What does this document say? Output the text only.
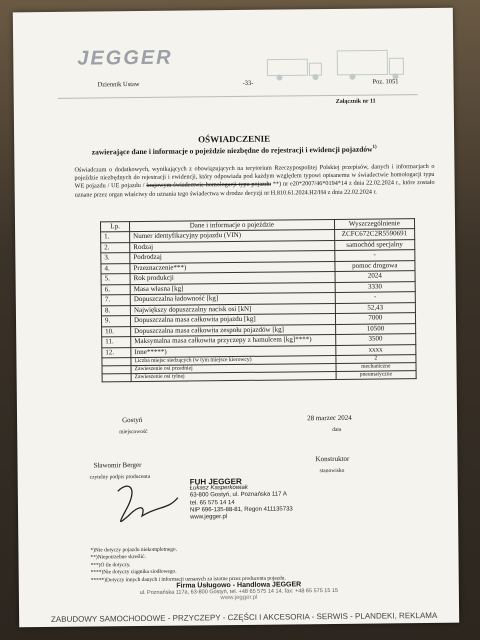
JEGGER
Dziennik Ustaw	-33-	Poz. 1051
Załącznik nr 11
OŚWIADCZENIE
zawierające dane i informacje o pojeździe niezbędne do rejestracji i ewidencji pojazdów$^{1)}$
Oświadczam o dodatkowych, wynikających z obowiązujących na terytorium Rzeczypospolitej Polskiej przepisów, danych i informacjach o pojeździe niezbędnych do rejestracji i ewidencji, który odpowiada pod każdym względem typowi opisanemu w świadectwie homologacji typu WE pojazdu / UE pojazdu / krajowym świadectwie homologacji typu pojazdu **) nr e20*2007/46*0194*14 z dnia 22.02.2024 r., które zostało uznane przez organ właściwy do uznania tego świadectwa w drodze decyzji nr H.810.61.2024.H2/H4 z dnia 22.02.2024 r.
Lp.	Dane i informacje o pojeździe	Wyszczególnienie
1.	Numer identyfikacyjny pojazdu (VIN)	ZCFC672C2R5590691
2.	Rodzaj	samochód specjalny
3.	Podrodzaj	-
4.	Przeznaczenie***)	pomoc drogowa
5.	Rok produkcji	2024
6.	Masa własna [kg]	3330
7.	Dopuszczalna ładowność [kg]	-
8.	Największy dopuszczalny nacisk osi [kN]	52,43
9.	Dopuszczalna masa całkowita pojazdu [kg]	7000
10.	Dopuszczalna masa całkowita zespołu pojazdów [kg]	10500
11.	Maksymalna masa całkowita przyczepy z hamulcem [kg]****)	3500
12.	Inne*****)	xxxx
	Liczba miejsc siedzących (w tym miejsce kierowcy)	2
	Zawieszenie osi przedniej	mechaniczne
	Zawieszenie osi tylnej	pneumatyczne
Gostyń
miejscowość
28 marzec 2024
data
Sławomir Berger
czytelny podpis producenta
Konstruktor
stanowisko
FUH JEGGER
Łukasz Kasperkowiak
63-800 Gostyń, ul. Poznańska 117 A
tel. 65 575 14 14
NIP 696-135-88-81, Regon 411135733
www.jegger.pl
*)Nie dotyczy pojazdu niekompletnego.
**)Niepotrzebne skreślić.
***)O ile dotyczy.
****)Nie dotyczy ciągnika siodłowego.
*****)Dotyczy innych danych i informacji uznanych za istotne przez producenta pojazdu.
Firma Usługowo - Handlowa JEGGER
ul. Poznańska 117a, 63-800 Gostyń, tel. +48 65 575 14 14, fax: +48 65 575 15 15
www.jegger.pl
ZABUDOWY SAMOCHODOWE - PRZYCZEPY - CZĘŚCI I AKCESORIA - SERWIS - PLANDEKI, REKLAMA
